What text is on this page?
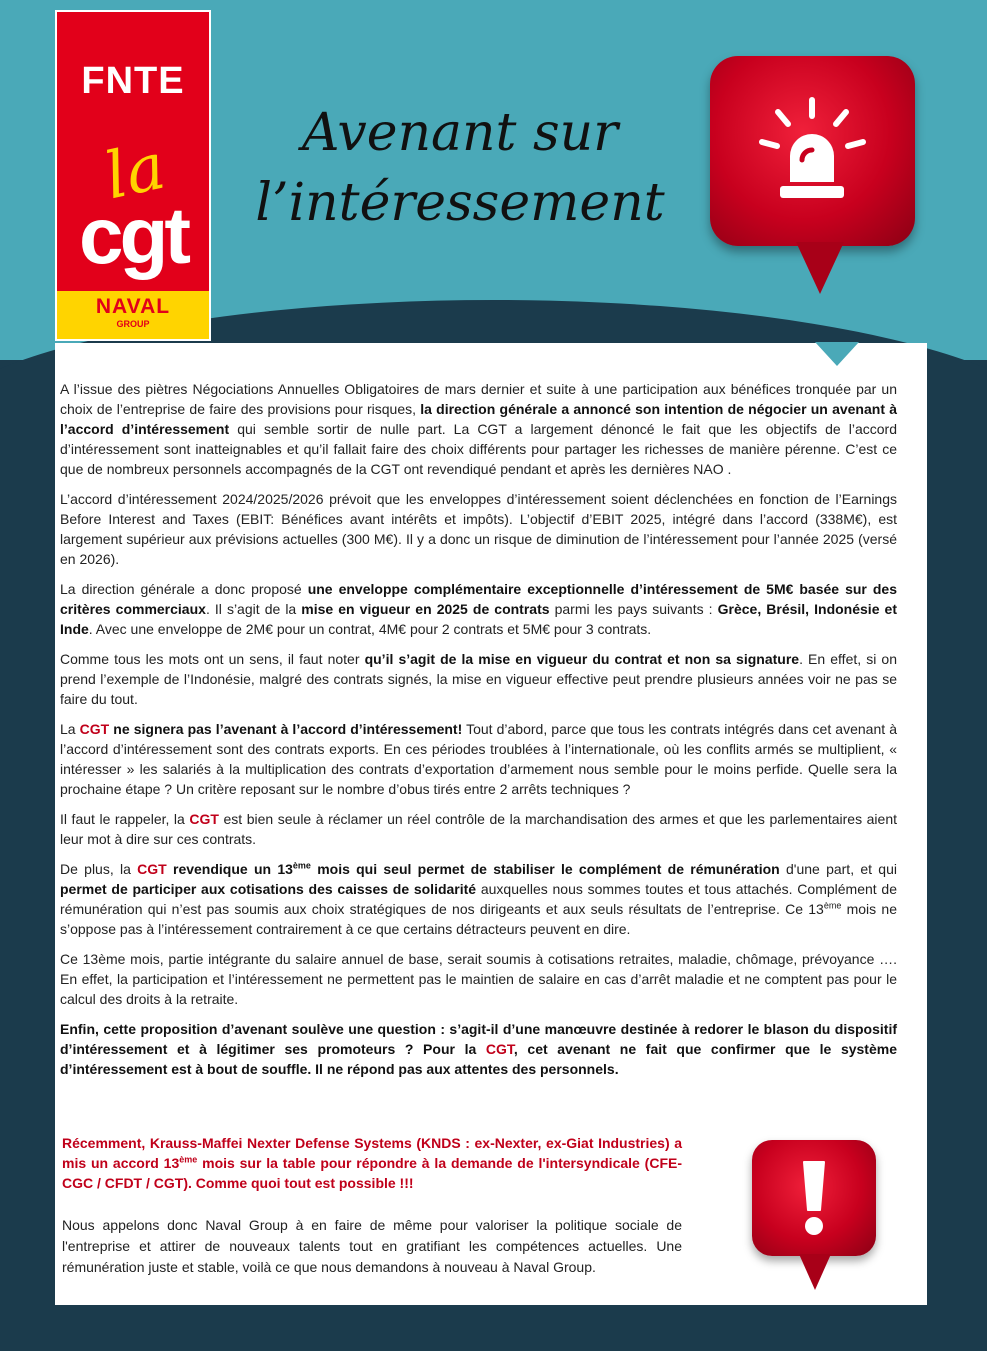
FNTE
la
cgt
NAVAL
GROUP
Avenant sur
l’intéressement

A l’issue des piètres Négociations Annuelles Obligatoires de mars dernier et suite à une participation aux bénéfices tronquée par un choix de l’entreprise de faire des provisions pour risques, la direction générale a annoncé son intention de négocier un avenant à l’accord d’intéressement qui semble sortir de nulle part. La CGT a largement dénoncé le fait que les objectifs de l’accord d’intéressement sont inatteignables et qu’il fallait faire des choix différents pour partager les richesses de manière pérenne. C’est ce que de nombreux personnels accompagnés de la CGT ont revendiqué pendant et après les dernières NAO .

L’accord d’intéressement 2024/2025/2026 prévoit que les enveloppes d’intéressement soient déclenchées en fonction de l’Earnings Before Interest and Taxes (EBIT: Bénéfices avant intérêts et impôts). L’objectif d’EBIT 2025, intégré dans l’accord (338M€), est largement supérieur aux prévisions actuelles (300 M€). Il y a donc un risque de diminution de l’intéressement pour l’année 2025 (versé en 2026).

La direction générale a donc proposé une enveloppe complémentaire exceptionnelle d’intéressement de 5M€ basée sur des critères commerciaux. Il s’agit de la mise en vigueur en 2025 de contrats parmi les pays suivants : Grèce, Brésil, Indonésie et Inde. Avec une enveloppe de 2M€ pour un contrat, 4M€ pour 2 contrats et 5M€ pour 3 contrats.

Comme tous les mots ont un sens, il faut noter qu’il s’agit de la mise en vigueur du contrat et non sa signature. En effet, si on prend l’exemple de l’Indonésie, malgré des contrats signés, la mise en vigueur effective peut prendre plusieurs années voir ne pas se faire du tout.

La CGT ne signera pas l’avenant à l’accord d’intéressement! Tout d’abord, parce que tous les contrats intégrés dans cet avenant à l’accord d’intéressement sont des contrats exports. En ces périodes troublées à l’internationale, où les conflits armés se multiplient, « intéresser » les salariés à la multiplication des contrats d’exportation d’armement nous semble pour le moins perfide. Quelle sera la prochaine étape ? Un critère reposant sur le nombre d’obus tirés entre 2 arrêts techniques ?

Il faut le rappeler, la CGT est bien seule à réclamer un réel contrôle de la marchandisation des armes et que les parlementaires aient leur mot à dire sur ces contrats.

De plus, la CGT revendique un 13ème mois qui seul permet de stabiliser le complément de rémunération d'une part, et qui permet de participer aux cotisations des caisses de solidarité auxquelles nous sommes toutes et tous attachés. Complément de rémunération qui n’est pas soumis aux choix stratégiques de nos dirigeants et aux seuls résultats de l’entreprise. Ce 13ème mois ne s’oppose pas à l’intéressement contrairement à ce que certains détracteurs peuvent en dire.

Ce 13ème mois, partie intégrante du salaire annuel de base, serait soumis à cotisations retraites, maladie, chômage, prévoyance …. En effet, la participation et l’intéressement ne permettent pas le maintien de salaire en cas d’arrêt maladie et ne comptent pas pour le calcul des droits à la retraite.

Enfin, cette proposition d’avenant soulève une question : s’agit-il d’une manœuvre destinée à redorer le blason du dispositif d’intéressement et à légitimer ses promoteurs ? Pour la CGT, cet avenant ne fait que confirmer que le système d’intéressement est à bout de souffle. Il ne répond pas aux attentes des personnels.

Récemment, Krauss-Maffei Nexter Defense Systems (KNDS : ex-Nexter, ex-Giat Industries) a mis un accord 13ème mois sur la table pour répondre à la demande de l'intersyndicale (CFE-CGC / CFDT / CGT). Comme quoi tout est possible !!!

Nous appelons donc Naval Group à en faire de même pour valoriser la politique sociale de l'entreprise et attirer de nouveaux talents tout en gratifiant les compétences actuelles. Une rémunération juste et stable, voilà ce que nous demandons à nouveau à Naval Group.
